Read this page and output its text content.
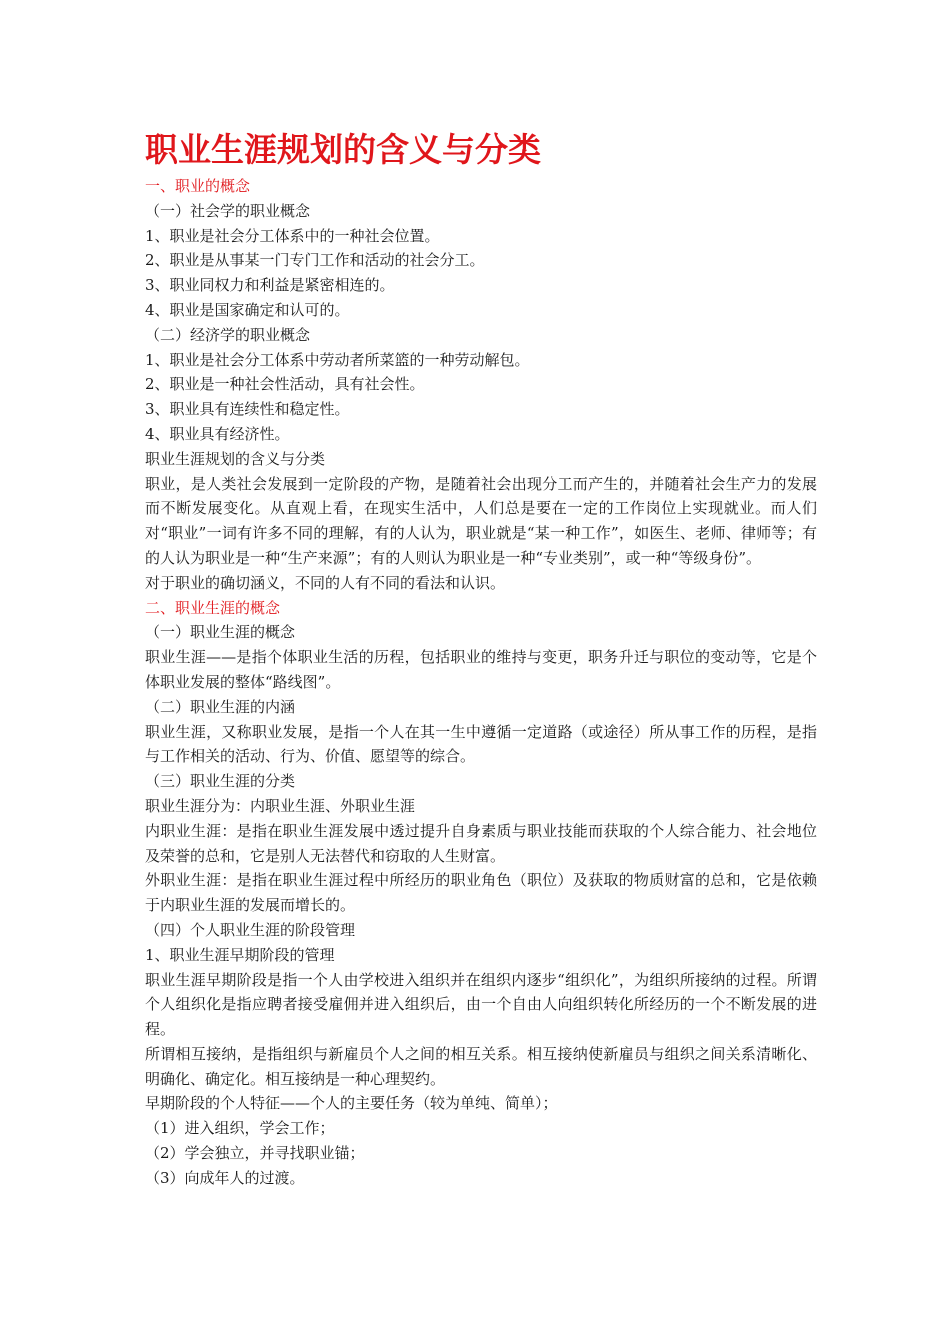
职业生涯规划的含义与分类

一、职业的概念

（一）社会学的职业概念

1、职业是社会分工体系中的一种社会位置。

2、职业是从事某一门专门工作和活动的社会分工。

3、职业同权力和利益是紧密相连的。

4、职业是国家确定和认可的。

（二）经济学的职业概念

1、职业是社会分工体系中劳动者所菜篮的一种劳动解包。

2、职业是一种社会性活动，具有社会性。

3、职业具有连续性和稳定性。

4、职业具有经济性。

职业生涯规划的含义与分类

职业，是人类社会发展到一定阶段的产物，是随着社会出现分工而产生的，并随着社会生产力的发展而不断发展变化。从直观上看，在现实生活中，人们总是要在一定的工作岗位上实现就业。而人们对“职业”一词有许多不同的理解，有的人认为，职业就是“某一种工作”，如医生、老师、律师等；有的人认为职业是一种“生产来源”；有的人则认为职业是一种“专业类别”，或一种“等级身份”。

对于职业的确切涵义，不同的人有不同的看法和认识。

二、职业生涯的概念

（一）职业生涯的概念

职业生涯——是指个体职业生活的历程，包括职业的维持与变更，职务升迁与职位的变动等，它是个体职业发展的整体“路线图”。

（二）职业生涯的内涵

职业生涯，又称职业发展，是指一个人在其一生中遵循一定道路（或途径）所从事工作的历程，是指与工作相关的活动、行为、价值、愿望等的综合。

（三）职业生涯的分类

职业生涯分为：内职业生涯、外职业生涯

内职业生涯：是指在职业生涯发展中透过提升自身素质与职业技能而获取的个人综合能力、社会地位及荣誉的总和，它是别人无法替代和窃取的人生财富。

外职业生涯：是指在职业生涯过程中所经历的职业角色（职位）及获取的物质财富的总和，它是依赖于内职业生涯的发展而增长的。

（四）个人职业生涯的阶段管理

1、职业生涯早期阶段的管理

职业生涯早期阶段是指一个人由学校进入组织并在组织内逐步“组织化”，为组织所接纳的过程。所谓个人组织化是指应聘者接受雇佣并进入组织后，由一个自由人向组织转化所经历的一个不断发展的进程。

所谓相互接纳，是指组织与新雇员个人之间的相互关系。相互接纳使新雇员与组织之间关系清晰化、明确化、确定化。相互接纳是一种心理契约。

早期阶段的个人特征——个人的主要任务（较为单纯、简单）；

（1）进入组织，学会工作；

（2）学会独立，并寻找职业锚；

（3）向成年人的过渡。
